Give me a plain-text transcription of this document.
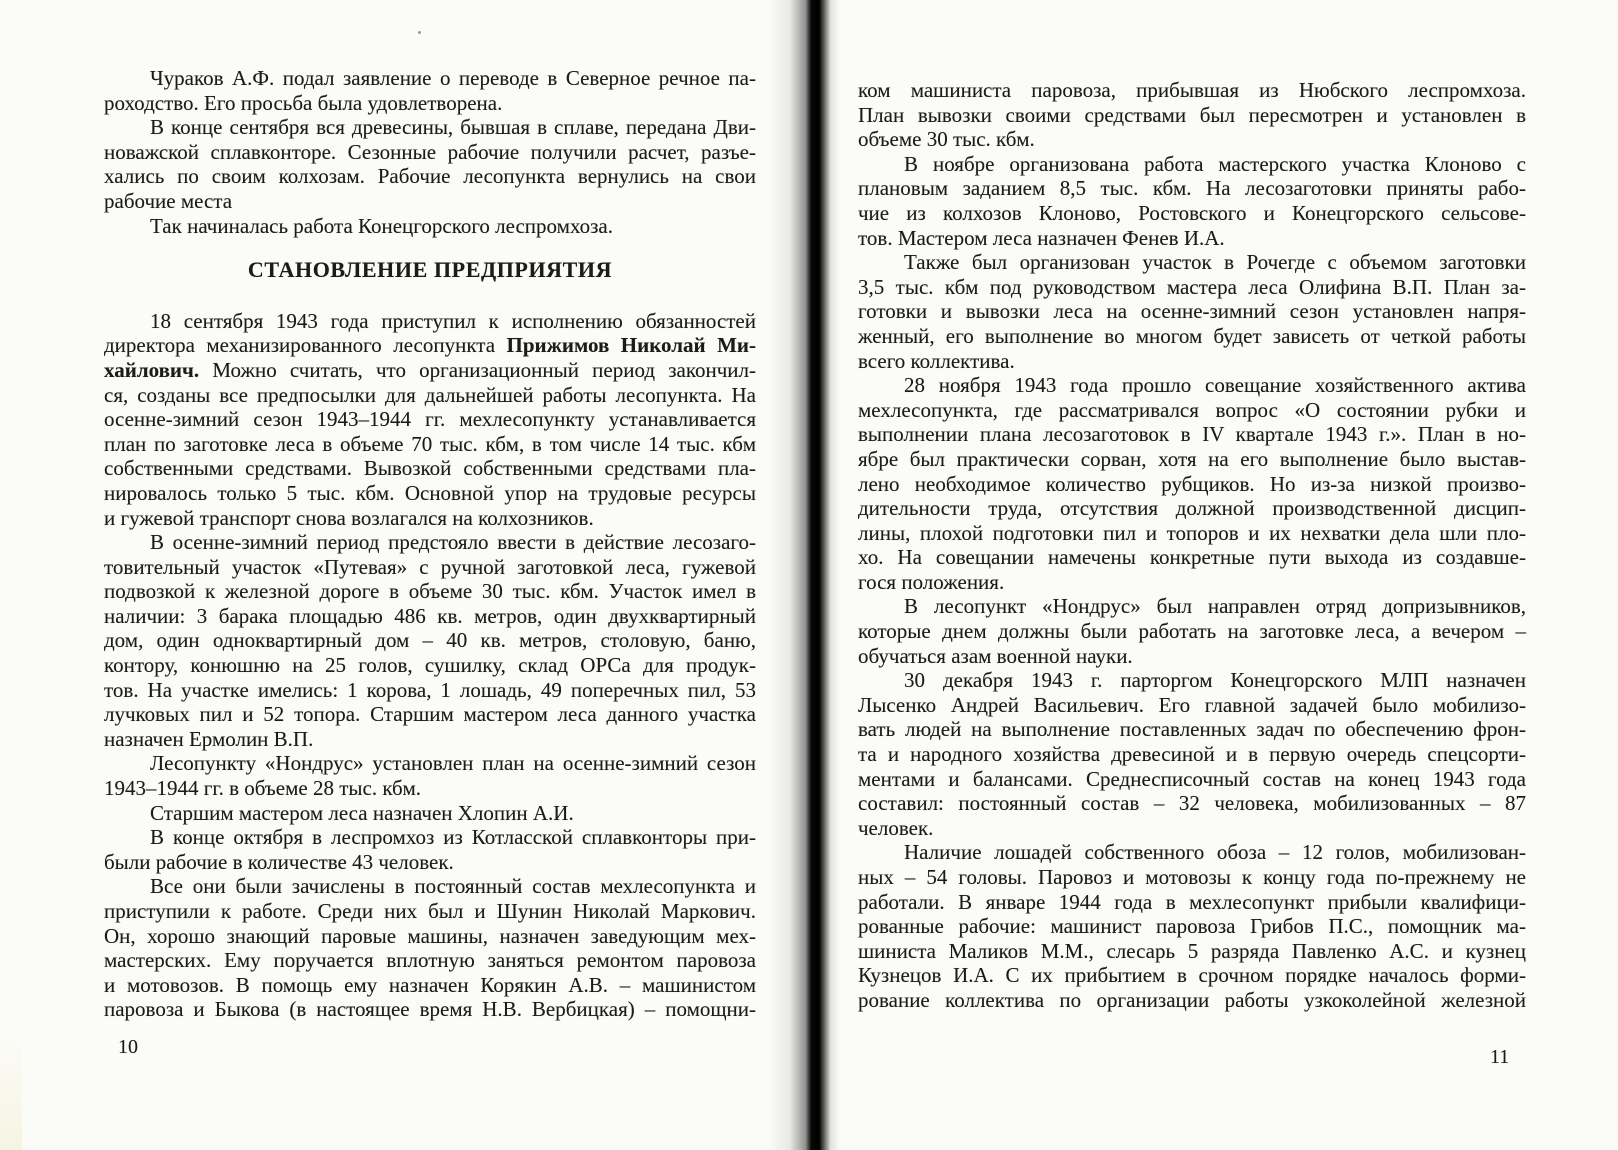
Чураков А.Ф. подал заявление о переводе в Северное речное па-
роходство. Его просьба была удовлетворена.
В конце сентября вся древесины, бывшая в сплаве, передана Дви-
новажской сплавконторе. Сезонные рабочие получили расчет, разъе-
хались по своим колхозам. Рабочие лесопункта вернулись на свои
рабочие места
Так начиналась работа Конецгорского леспромхоза.
СТАНОВЛЕНИЕ ПРЕДПРИЯТИЯ
18 сентября 1943 года приступил к исполнению обязанностей
директора механизированного лесопункта Прижимов Николай Ми-
хайлович. Можно считать, что организационный период закончил-
ся, созданы все предпосылки для дальнейшей работы лесопункта. На
осенне-зимний сезон 1943–1944 гг. мехлесопункту устанавливается
план по заготовке леса в объеме 70 тыс. кбм, в том числе 14 тыс. кбм
собственными средствами. Вывозкой собственными средствами пла-
нировалось только 5 тыс. кбм. Основной упор на трудовые ресурсы
и гужевой транспорт снова возлагался на колхозников.
В осенне-зимний период предстояло ввести в действие лесозаго-
товительный участок «Путевая» с ручной заготовкой леса, гужевой
подвозкой к железной дороге в объеме 30 тыс. кбм. Участок имел в
наличии: 3 барака площадью 486 кв. метров, один двухквартирный
дом, один одноквартирный дом – 40 кв. метров, столовую, баню,
контору, конюшню на 25 голов, сушилку, склад ОРСа для продук-
тов. На участке имелись: 1 корова, 1 лошадь, 49 поперечных пил, 53
лучковых пил и 52 топора. Старшим мастером леса данного участка
назначен Ермолин В.П.
Лесопункту «Нондрус» установлен план на осенне-зимний сезон
1943–1944 гг. в объеме 28 тыс. кбм.
Старшим мастером леса назначен Хлопин А.И.
В конце октября в леспромхоз из Котласской сплавконторы при-
были рабочие в количестве 43 человек.
Все они были зачислены в постоянный состав мехлесопункта и
приступили к работе. Среди них был и Шунин Николай Маркович.
Он, хорошо знающий паровые машины, назначен заведующим мех-
мастерских. Ему поручается вплотную заняться ремонтом паровоза
и мотовозов. В помощь ему назначен Корякин А.В. – машинистом
паровоза и Быкова (в настоящее время Н.В. Вербицкая) – помощни-
ком машиниста паровоза, прибывшая из Нюбского леспромхоза.
План вывозки своими средствами был пересмотрен и установлен в
объеме 30 тыс. кбм.
В ноябре организована работа мастерского участка Клоново с
плановым заданием 8,5 тыс. кбм. На лесозаготовки приняты рабо-
чие из колхозов Клоново, Ростовского и Конецгорского сельсове-
тов. Мастером леса назначен Фенев И.А.
Также был организован участок в Рочегде с объемом заготовки
3,5 тыс. кбм под руководством мастера леса Олифина В.П. План за-
готовки и вывозки леса на осенне-зимний сезон установлен напря-
женный, его выполнение во многом будет зависеть от четкой работы
всего коллектива.
28 ноября 1943 года прошло совещание хозяйственного актива
мехлесопункта, где рассматривался вопрос «О состоянии рубки и
выполнении плана лесозаготовок в IV квартале 1943 г.». План в но-
ябре был практически сорван, хотя на его выполнение было выстав-
лено необходимое количество рубщиков. Но из-за низкой произво-
дительности труда, отсутствия должной производственной дисцип-
лины, плохой подготовки пил и топоров и их нехватки дела шли пло-
хо. На совещании намечены конкретные пути выхода из создавше-
гося положения.
В лесопункт «Нондрус» был направлен отряд допризывников,
которые днем должны были работать на заготовке леса, а вечером –
обучаться азам военной науки.
30 декабря 1943 г. парторгом Конецгорского МЛП назначен
Лысенко Андрей Васильевич. Его главной задачей было мобилизо-
вать людей на выполнение поставленных задач по обеспечению фрон-
та и народного хозяйства древесиной и в первую очередь спецсорти-
ментами и балансами. Среднесписочный состав на конец 1943 года
составил: постоянный состав – 32 человека, мобилизованных – 87
человек.
Наличие лошадей собственного обоза – 12 голов, мобилизован-
ных – 54 головы. Паровоз и мотовозы к концу года по-прежнему не
работали. В январе 1944 года в мехлесопункт прибыли квалифици-
рованные рабочие: машинист паровоза Грибов П.С., помощник ма-
шиниста Маликов М.М., слесарь 5 разряда Павленко А.С. и кузнец
Кузнецов И.А. С их прибытием в срочном порядке началось форми-
рование коллектива по организации работы узкоколейной железной
10	11
